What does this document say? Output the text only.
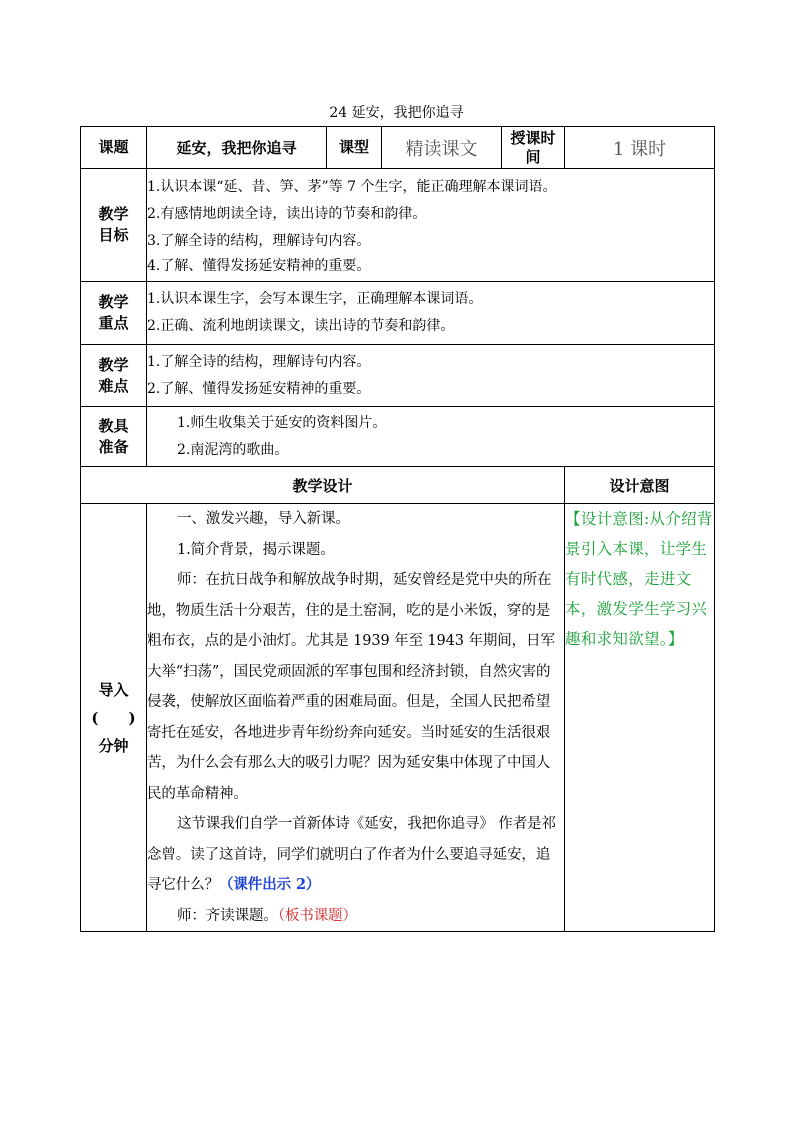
24 延安，我把你追寻
课题	延安，我把你追寻	课型	精读课文	授课时间	1 课时
教学目标	1.认识本课“延、昔、笋、茅”等 7 个生字，能正确理解本课词语。
2.有感情地朗读全诗，读出诗的节奏和韵律。
3.了解全诗的结构，理解诗句内容。
4.了解、懂得发扬延安精神的重要。				

教学重点	1.认识本课生字，会写本课生字，正确理解本课词语。
2.正确、流利地朗读课文，读出诗的节奏和韵律。				

教学难点	1.了解全诗的结构，理解诗句内容。
2.了解、懂得发扬延安精神的重要。				

教具准备	1.师生收集关于延安的资料图片。
2.南泥湾的歌曲。				

教学设计					设计意图
导入(　　)分钟	一、激发兴趣，导入新课。

1.简介背景，揭示课题。

师：在抗日战争和解放战争时期，延安曾经是党中央的所在地，物质生活十分艰苦，住的是土窑洞，吃的是小米饭，穿的是粗布衣，点的是小油灯。尤其是 1939 年至 1943 年期间，日军大举“扫荡”，国民党顽固派的军事包围和经济封锁，自然灾害的侵袭，使解放区面临着严重的困难局面。但是，全国人民把希望寄托在延安，各地进步青年纷纷奔向延安。当时延安的生活很艰苦，为什么会有那么大的吸引力呢？因为延安集中体现了中国人民的革命精神。

这节课我们自学一首新体诗《延安，我把你追寻》 作者是祁念曾。读了这首诗，同学们就明白了作者为什么要追寻延安，追寻它什么？（课件出示 2）

师：齐读课题。（板书课题）				【设计意图:从介绍背景引入本课，让学生有时代感，走进文本，激发学生学习兴趣和求知欲望。】
